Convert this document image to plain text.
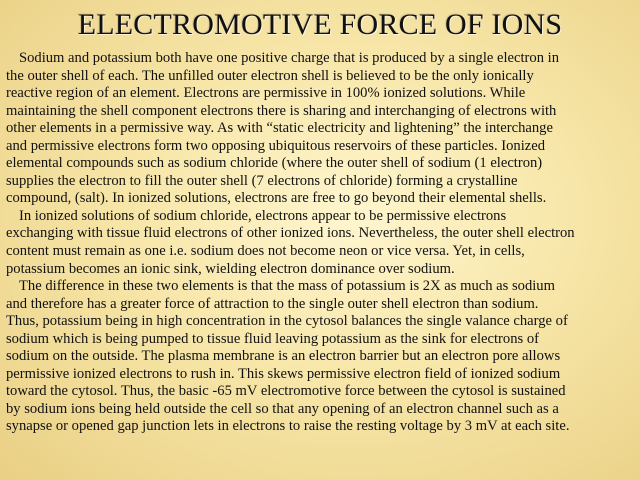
ELECTROMOTIVE FORCE OF IONS

Sodium and potassium both have one positive charge that is produced by a single electron in
the outer shell of each. The unfilled outer electron shell is believed to be the only ionically
reactive region of an element. Electrons are permissive in 100% ionized solutions. While
maintaining the shell component electrons there is sharing and interchanging of electrons with
other elements in a permissive way. As with “static electricity and lightening” the interchange
and permissive electrons form two opposing ubiquitous reservoirs of these particles. Ionized
elemental compounds such as sodium chloride (where the outer shell of sodium (1 electron)
supplies the electron to fill the outer shell (7 electrons of chloride) forming a crystalline
compound, (salt). In ionized solutions, electrons are free to go beyond their elemental shells.

In ionized solutions of sodium chloride, electrons appear to be permissive electrons
exchanging with tissue fluid electrons of other ionized ions. Nevertheless, the outer shell electron
content must remain as one i.e. sodium does not become neon or vice versa. Yet, in cells,
potassium becomes an ionic sink, wielding electron dominance over sodium.

The difference in these two elements is that the mass of potassium is 2X as much as sodium
and therefore has a greater force of attraction to the single outer shell electron than sodium.
Thus, potassium being in high concentration in the cytosol balances the single valance charge of
sodium which is being pumped to tissue fluid leaving potassium as the sink for electrons of
sodium on the outside. The plasma membrane is an electron barrier but an electron pore allows
permissive ionized electrons to rush in. This skews permissive electron field of ionized sodium
toward the cytosol. Thus, the basic -65 mV electromotive force between the cytosol is sustained
by sodium ions being held outside the cell so that any opening of an electron channel such as a
synapse or opened gap junction lets in electrons to raise the resting voltage by 3 mV at each site.
